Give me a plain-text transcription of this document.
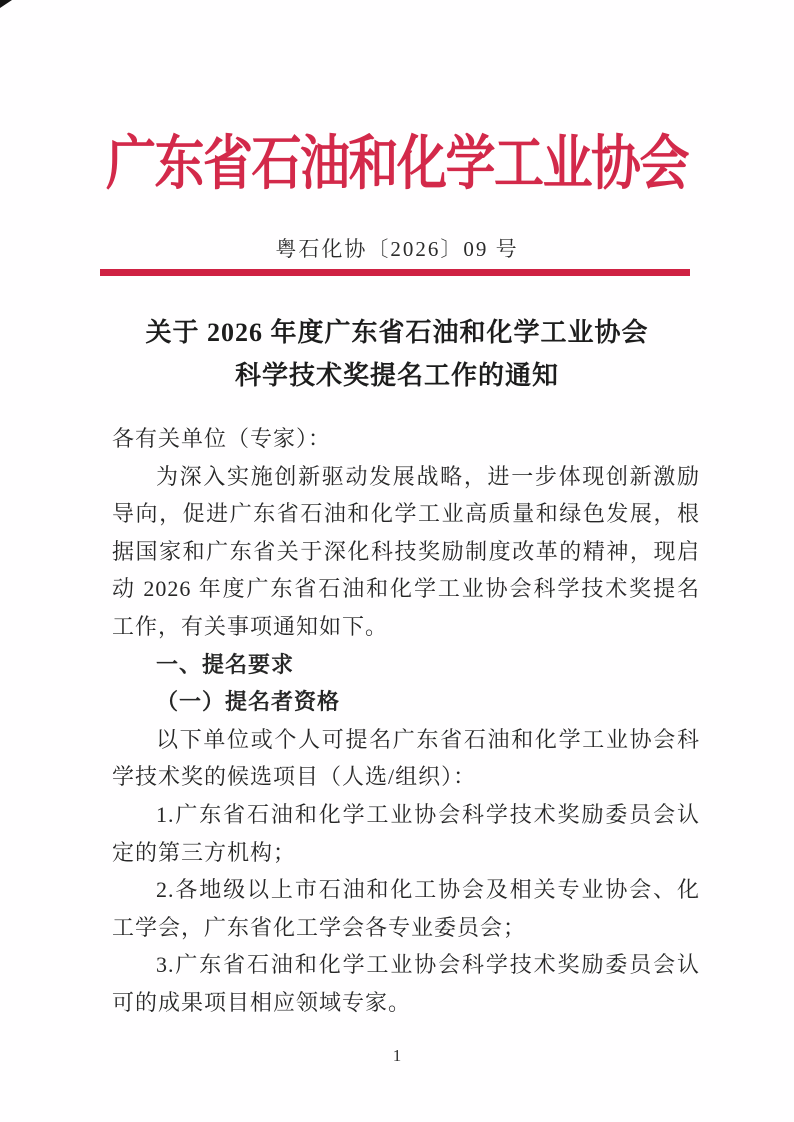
广东省石油和化学工业协会
粤石化协〔2026〕09 号
关于 2026 年度广东省石油和化学工业协会
科学技术奖提名工作的通知

各有关单位（专家）：

为深入实施创新驱动发展战略，进一步体现创新激励导向，促进广东省石油和化学工业高质量和绿色发展，根据国家和广东省关于深化科技奖励制度改革的精神，现启动 2026 年度广东省石油和化学工业协会科学技术奖提名工作，有关事项通知如下。

一、提名要求

（一）提名者资格

以下单位或个人可提名广东省石油和化学工业协会科学技术奖的候选项目（人选/组织）：

1.广东省石油和化学工业协会科学技术奖励委员会认定的第三方机构；

2.各地级以上市石油和化工协会及相关专业协会、化工学会，广东省化工学会各专业委员会；

3.广东省石油和化学工业协会科学技术奖励委员会认可的成果项目相应领域专家。

1
